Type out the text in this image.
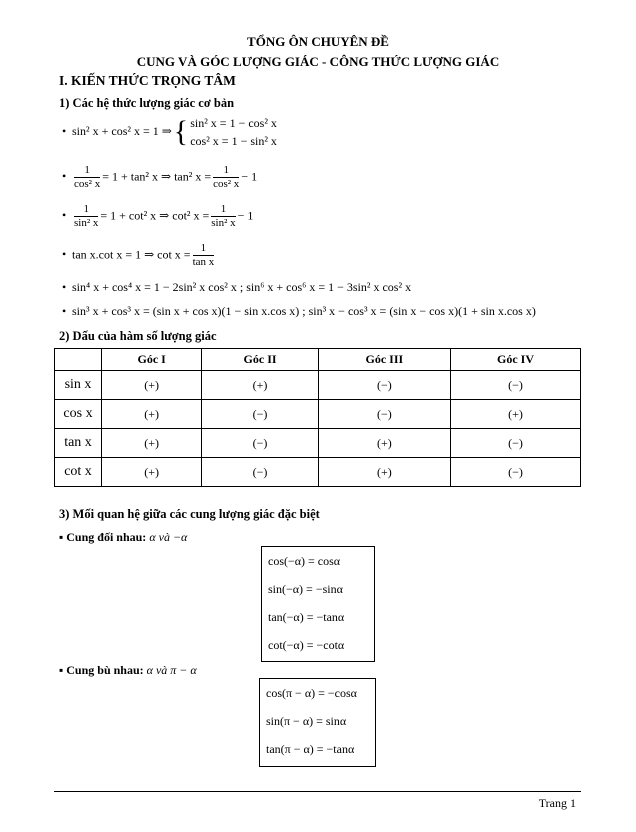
TỔNG ÔN CHUYÊN ĐỀ
CUNG VÀ GÓC LƯỢNG GIÁC - CÔNG THỨC LƯỢNG GIÁC
I. KIẾN THỨC TRỌNG TÂM
1) Các hệ thức lượng giác cơ bản
• sin² x + cos² x = 1 ⇒{ sin² x = 1 − cos² x
cos² x = 1 − sin² x
• $\frac{1}{\text{cos² x}} = 1 + \tan^2$ x ⇒ tan² $x = \frac{1}{\text{cos² x}} - 1$
• $\frac{1}{\text{sin² x}} = 1 + \cot^2$ x ⇒ cot² $x = \frac{1}{\text{sin² x}} - 1$
• tan x.cot x = 1 ⇒ $\cot x = \frac{1}{\text{tan x}}$
• sin⁴ x + cos⁴ x = 1 − 2sin² x cos² x ; sin⁶ x + cos⁶ x = 1 − 3sin² x cos² x
• sin³ x + cos³ x = (sin x + cos x)(1 − sin x.cos x) ; sin³ x − cos³ x = (sin x − cos x)(1 + sin x.cos x)
2) Dấu của hàm số lượng giác
	Góc I	Góc II	Góc III	Góc IV
sin x	(+)	(+)	(−)	(−)
cos x	(+)	(−)	(−)	(+)
tan x	(+)	(−)	(+)	(−)
cot x	(+)	(−)	(+)	(−)
3) Mối quan hệ giữa các cung lượng giác đặc biệt
▪ Cung đối nhau: α và −α
cos(−α) = cosα
sin(−α) = −sinα
tan(−α) = −tanα
cot(−α) = −cotα
▪ Cung bù nhau: α và π − α
cos(π − α) = −cosα
sin(π − α) = sinα
tan(π − α) = −tanα
Trang 1
